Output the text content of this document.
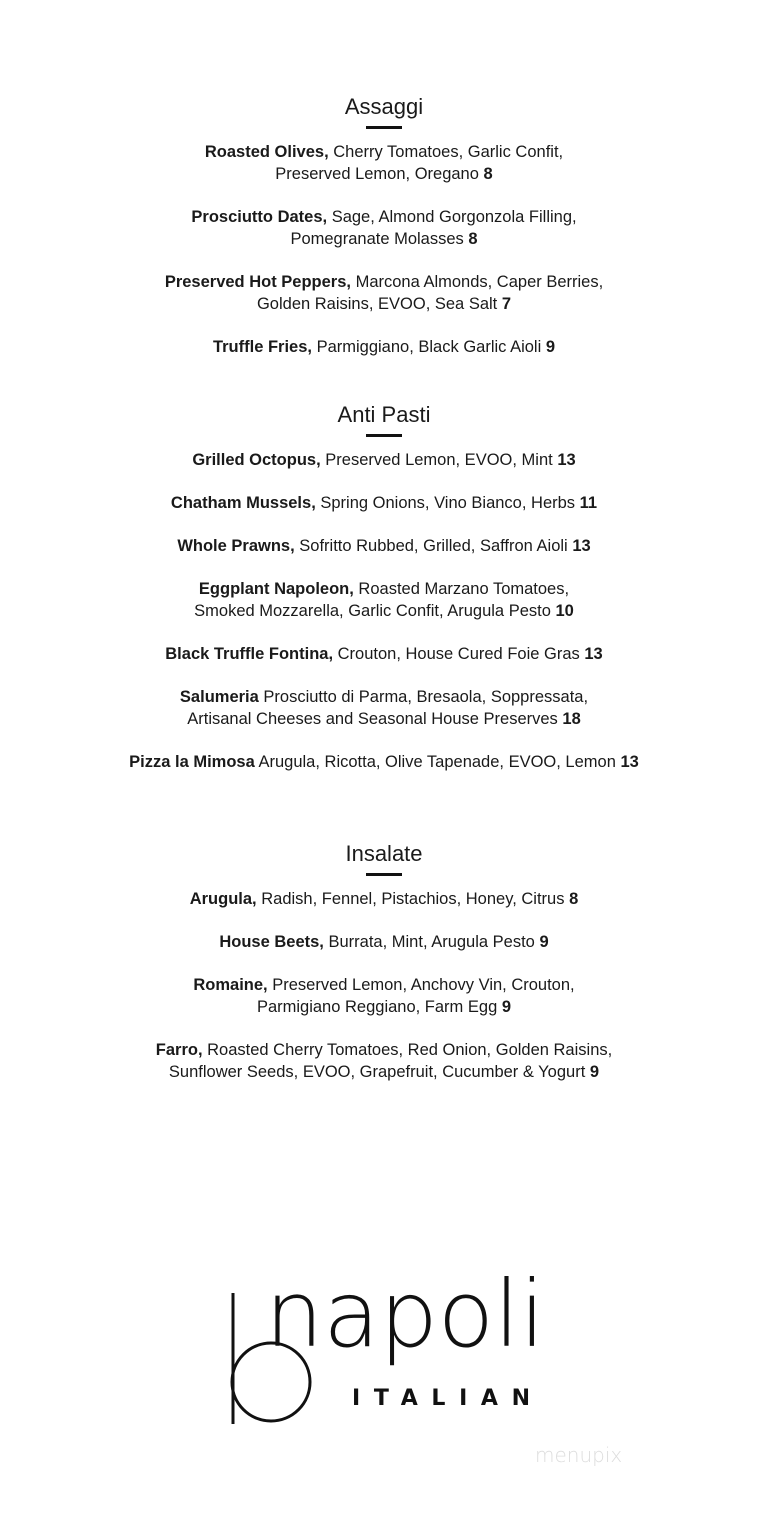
Assaggi
Roasted Olives, Cherry Tomatoes, Garlic Confit,
Preserved Lemon, Oregano 8
Prosciutto Dates, Sage, Almond Gorgonzola Filling,
Pomegranate Molasses 8
Preserved Hot Peppers, Marcona Almonds, Caper Berries,
Golden Raisins, EVOO, Sea Salt 7
Truffle Fries, Parmiggiano, Black Garlic Aioli 9
Anti Pasti
Grilled Octopus, Preserved Lemon, EVOO, Mint 13
Chatham Mussels, Spring Onions, Vino Bianco, Herbs 11
Whole Prawns, Sofritto Rubbed, Grilled, Saffron Aioli 13
Eggplant Napoleon, Roasted Marzano Tomatoes,
Smoked Mozzarella, Garlic Confit, Arugula Pesto 10
Black Truffle Fontina, Crouton, House Cured Foie Gras 13
Salumeria Prosciutto di Parma, Bresaola, Soppressata,
Artisanal Cheeses and Seasonal House Preserves 18
Pizza la Mimosa Arugula, Ricotta, Olive Tapenade, EVOO, Lemon 13
Insalate
Arugula, Radish, Fennel, Pistachios, Honey, Citrus 8
House Beets, Burrata, Mint, Arugula Pesto 9
Romaine, Preserved Lemon, Anchovy Vin, Crouton,
Parmigiano Reggiano, Farm Egg 9
Farro, Roasted Cherry Tomatoes, Red Onion, Golden Raisins,
Sunflower Seeds, EVOO, Grapefruit, Cucumber & Yogurt 9
napoli
ITALIAN
menupix
